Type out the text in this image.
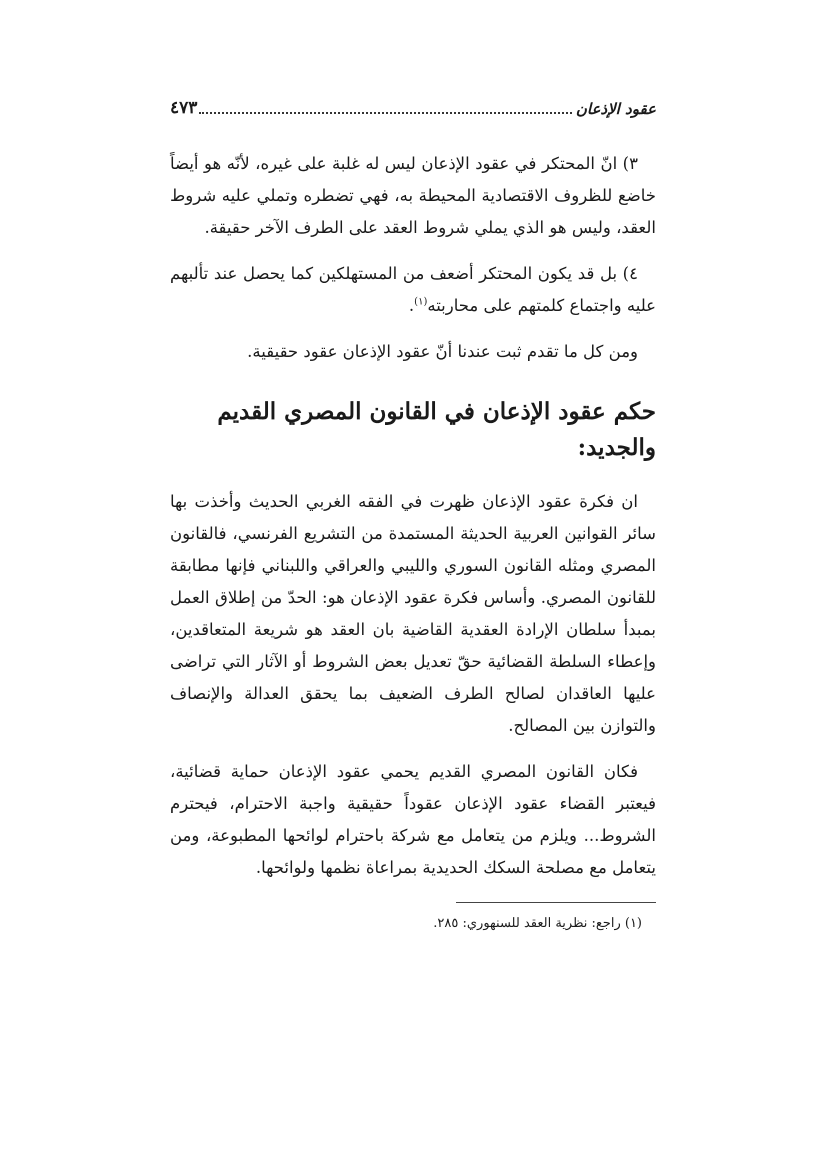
عقود الإذعان
٤٧٣

٣) انّ المحتكر في عقود الإذعان ليس له غلبة على غيره، لأنّه هو أيضاً خاضع للظروف الاقتصادية المحيطة به، فهي تضطره وتملي عليه شروط العقد، وليس هو الذي يملي شروط العقد على الطرف الآخر حقيقة.

٤) بل قد يكون المحتكر أضعف من المستهلكين كما يحصل عند تألبهم عليه واجتماع كلمتهم على محاربته$^{(١)}$.

ومن كل ما تقدم ثبت عندنا أنّ عقود الإذعان عقود حقيقية.

حكم عقود الإذعان في القانون المصري القديم والجديد:

ان فكرة عقود الإذعان ظهرت في الفقه الغربي الحديث وأخذت بها سائر القوانين العربية الحديثة المستمدة من التشريع الفرنسي، فالقانون المصري ومثله القانون السوري والليبي والعراقي واللبناني فإنها مطابقة للقانون المصري. وأساس فكرة عقود الإذعان هو: الحدّ من إطلاق العمل بمبدأ سلطان الإرادة العقدية القاضية بان العقد هو شريعة المتعاقدين، وإعطاء السلطة القضائية حقّ تعديل بعض الشروط أو الآثار التي تراضى عليها العاقدان لصالح الطرف الضعيف بما يحقق العدالة والإنصاف والتوازن بين المصالح.

فكان القانون المصري القديم يحمي عقود الإذعان حماية قضائية، فيعتبر القضاء عقود الإذعان عقوداً حقيقية واجبة الاحترام، فيحترم الشروط... ويلزم من يتعامل مع شركة باحترام لوائحها المطبوعة، ومن يتعامل مع مصلحة السكك الحديدية بمراعاة نظمها ولوائحها.

(١) راجع: نظرية العقد للسنهوري: ٢٨٥.
